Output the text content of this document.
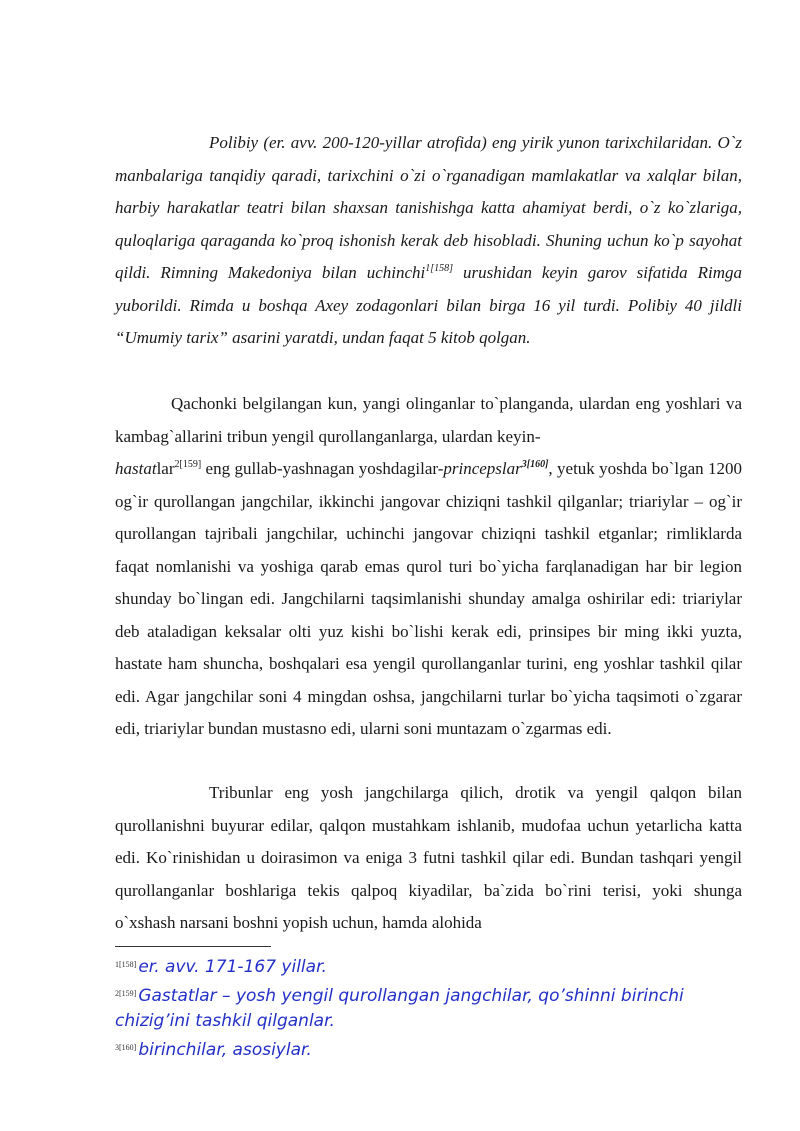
Polibiy (er. avv. 200-120-yillar atrofida) eng yirik yunon tarixchilaridan. O`z manbalariga tanqidiy qaradi, tarixchini o`zi o`rganadigan mamlakatlar va xalqlar bilan, harbiy harakatlar teatri bilan shaxsan tanishishga katta ahamiyat berdi, o`z ko`zlariga, quloqlariga qaraganda ko`proq ishonish kerak deb hisobladi. Shuning uchun ko`p sayohat qildi. Rimning Makedoniya bilan uchinchi$^{1[158]}$ urushidan keyin garov sifatida Rimga yuborildi. Rimda u boshqa Axey zodagonlari bilan birga 16 yil turdi. Polibiy 40 jildli “Umumiy tarix” asarini yaratdi, undan faqat 5 kitob qolgan.

Qachonki belgilangan kun, yangi olinganlar to`planganda, ulardan eng yoshlari va kambag`allarini tribun yengil qurollanganlarga, ulardan keyin-
hastatlar$^{2[159]}$ eng gullab-yashnagan yoshdagilar-princepslar$^{3[160]}$, yetuk yoshda bo`lgan 1200 og`ir qurollangan jangchilar, ikkinchi jangovar chiziqni tashkil qilganlar; triariylar – og`ir qurollangan tajribali jangchilar, uchinchi jangovar chiziqni tashkil etganlar; rimliklarda faqat nomlanishi va yoshiga qarab emas qurol turi bo`yicha farqlanadigan har bir legion shunday bo`lingan edi. Jangchilarni taqsimlanishi shunday amalga oshirilar edi: triariylar deb ataladigan keksalar olti yuz kishi bo`lishi kerak edi, prinsipes bir ming ikki yuzta, hastate ham shuncha, boshqalari esa yengil qurollanganlar turini, eng yoshlar tashkil qilar edi. Agar jangchilar soni 4 mingdan oshsa, jangchilarni turlar bo`yicha taqsimoti o`zgarar edi, triariylar bundan mustasno edi, ularni soni muntazam o`zgarmas edi.

Tribunlar eng yosh jangchilarga qilich, drotik va yengil qalqon bilan qurollanishni buyurar edilar, qalqon mustahkam ishlanib, mudofaa uchun yetarlicha katta edi. Ko`rinishidan u doirasimon va eniga 3 futni tashkil qilar edi. Bundan tashqari yengil qurollanganlar boshlariga tekis qalpoq kiyadilar, ba`zida bo`rini terisi, yoki shunga o`xshash narsani boshni yopish uchun, hamda alohida

$^{1[158]}$ er. avv. 171-167 yillar.

$^{2[159]}$ Gastatlar – yosh yengil qurollangan jangchilar, qo’shinni birinchi chizig’ini tashkil qilganlar.

$^{3[160]}$ birinchilar, asosiylar.
